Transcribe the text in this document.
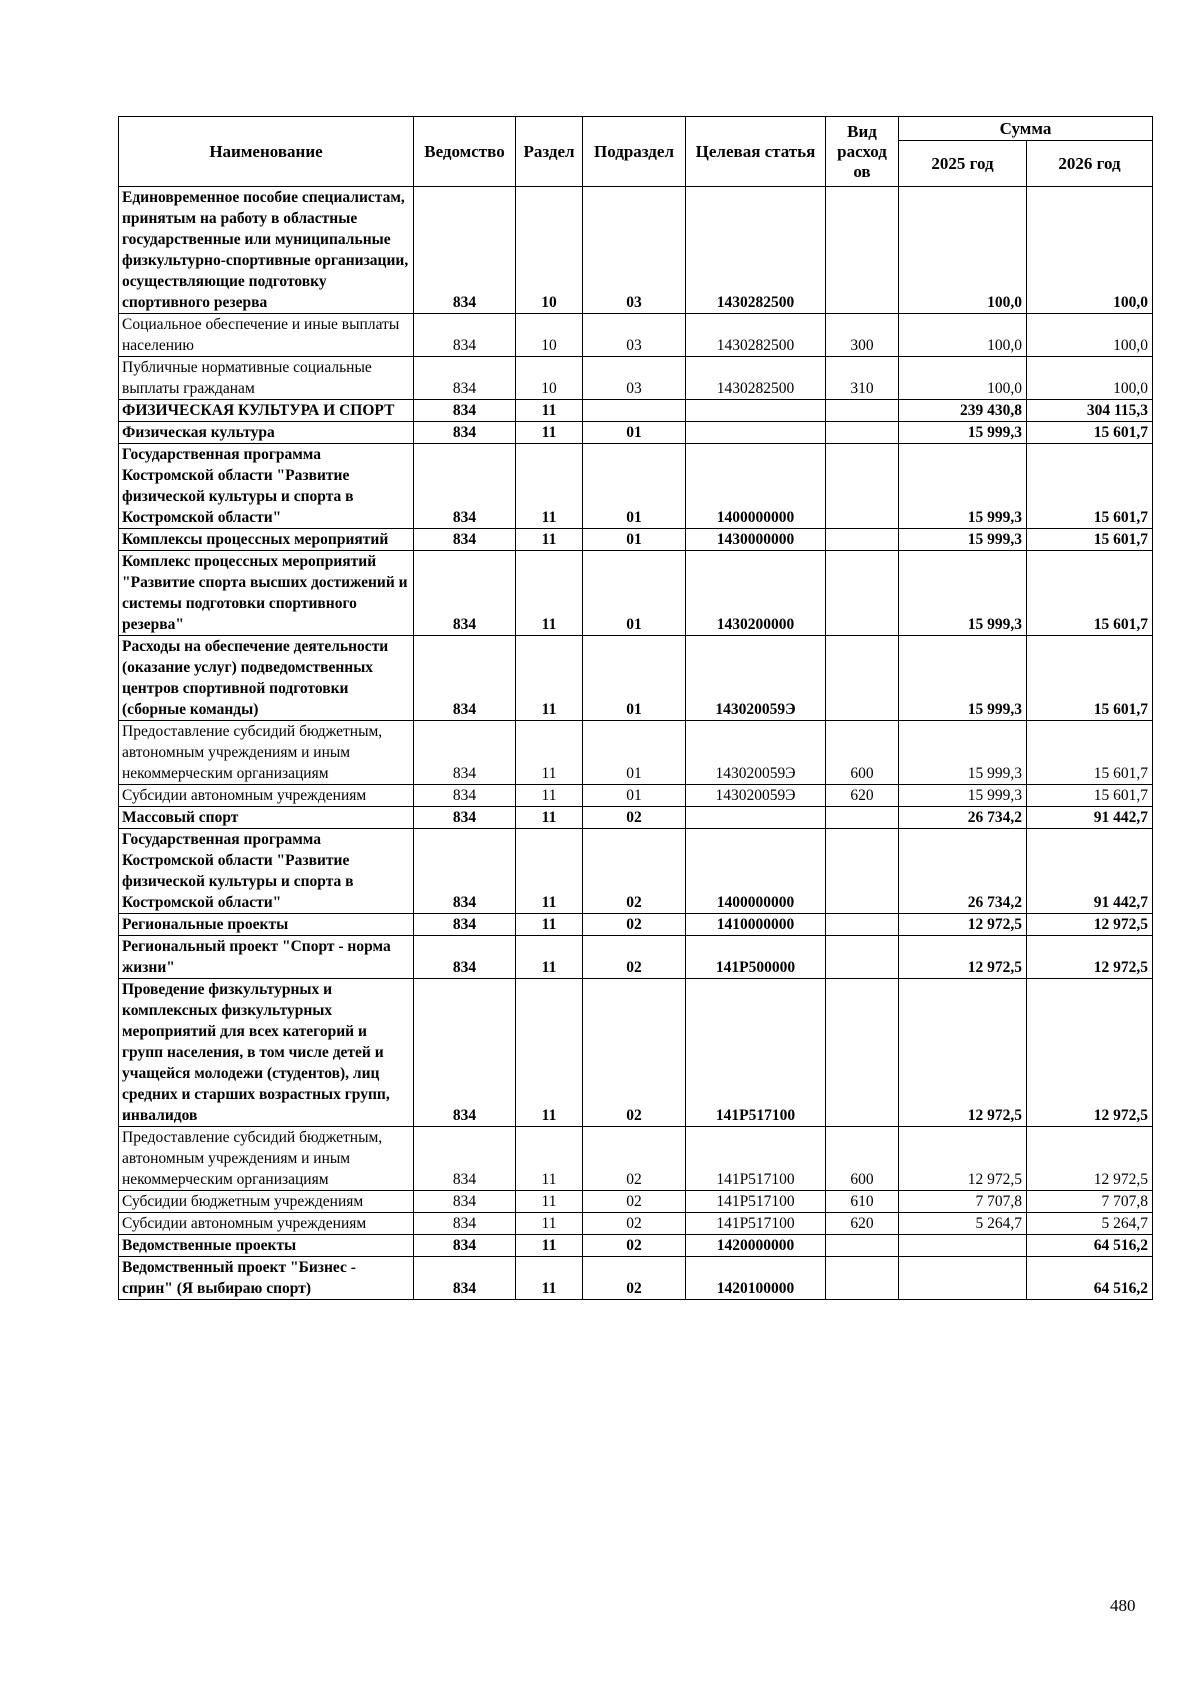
Наименование	Ведомство	Раздел	Подраздел	Целевая статья	Вид расход ов	Сумма	
						2025 год	2026 год
Единовременное пособие специалистам, принятым на работу в областные государственные или муниципальные физкультурно-спортивные организации, осуществляющие подготовку спортивного резерва	834	10	03	1430282500		100,0	100,0
Социальное обеспечение и иные выплаты населению	834	10	03	1430282500	300	100,0	100,0
Публичные нормативные социальные выплаты гражданам	834	10	03	1430282500	310	100,0	100,0
ФИЗИЧЕСКАЯ КУЛЬТУРА И СПОРТ	834	11				239 430,8	304 115,3
Физическая культура	834	11	01			15 999,3	15 601,7
Государственная программа Костромской области "Развитие физической культуры и спорта в Костромской области"	834	11	01	1400000000		15 999,3	15 601,7
Комплексы процессных мероприятий	834	11	01	1430000000		15 999,3	15 601,7
Комплекс процессных мероприятий "Развитие спорта высших достижений и системы подготовки спортивного резерва"	834	11	01	1430200000		15 999,3	15 601,7
Расходы на обеспечение деятельности (оказание услуг) подведомственных центров спортивной подготовки (сборные команды)	834	11	01	143020059Э		15 999,3	15 601,7
Предоставление субсидий бюджетным, автономным учреждениям и иным некоммерческим организациям	834	11	01	143020059Э	600	15 999,3	15 601,7
Субсидии автономным учреждениям	834	11	01	143020059Э	620	15 999,3	15 601,7
Массовый спорт	834	11	02			26 734,2	91 442,7
Государственная программа Костромской области "Развитие физической культуры и спорта в Костромской области"	834	11	02	1400000000		26 734,2	91 442,7
Региональные проекты	834	11	02	1410000000		12 972,5	12 972,5
Региональный проект "Спорт - норма жизни"	834	11	02	141P500000		12 972,5	12 972,5
Проведение физкультурных и комплексных физкультурных мероприятий для всех категорий и групп населения, в том числе детей и учащейся молодежи (студентов), лиц средних и старших возрастных групп, инвалидов	834	11	02	141P517100		12 972,5	12 972,5
Предоставление субсидий бюджетным, автономным учреждениям и иным некоммерческим организациям	834	11	02	141P517100	600	12 972,5	12 972,5
Субсидии бюджетным учреждениям	834	11	02	141P517100	610	7 707,8	7 707,8
Субсидии автономным учреждениям	834	11	02	141P517100	620	5 264,7	5 264,7
Ведомственные проекты	834	11	02	1420000000			64 516,2
Ведомственный проект "Бизнес - сприн" (Я выбираю спорт)	834	11	02	1420100000			64 516,2
480
